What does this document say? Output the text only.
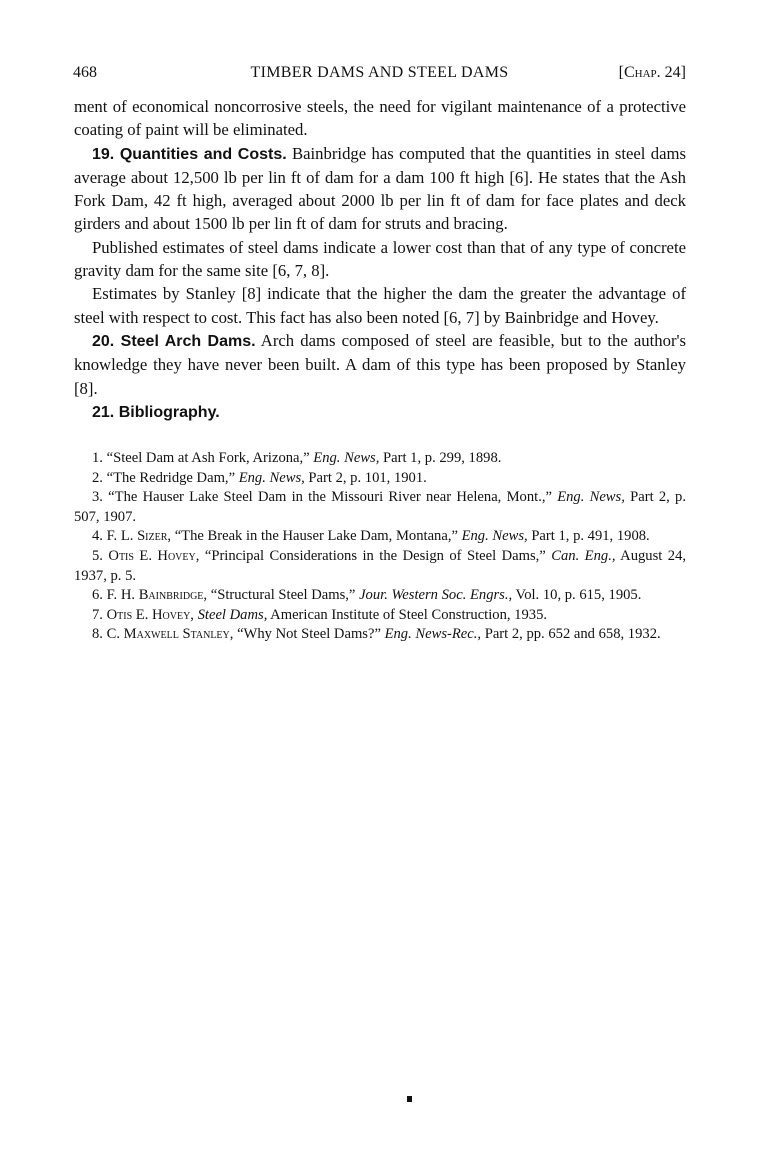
468	TIMBER DAMS AND STEEL DAMS	[Chap. 24]

ment of economical noncorrosive steels, the need for vigilant maintenance of a protective coating of paint will be eliminated.

19. Quantities and Costs. Bainbridge has computed that the quantities in steel dams average about 12,500 lb per lin ft of dam for a dam 100 ft high [6]. He states that the Ash Fork Dam, 42 ft high, averaged about 2000 lb per lin ft of dam for face plates and deck girders and about 1500 lb per lin ft of dam for struts and bracing.

Published estimates of steel dams indicate a lower cost than that of any type of concrete gravity dam for the same site [6, 7, 8].

Estimates by Stanley [8] indicate that the higher the dam the greater the advantage of steel with respect to cost. This fact has also been noted [6, 7] by Bainbridge and Hovey.

20. Steel Arch Dams. Arch dams composed of steel are feasible, but to the author's knowledge they have never been built. A dam of this type has been proposed by Stanley [8].

21. Bibliography.

1. “Steel Dam at Ash Fork, Arizona,” Eng. News, Part 1, p. 299, 1898.

2. “The Redridge Dam,” Eng. News, Part 2, p. 101, 1901.

3. “The Hauser Lake Steel Dam in the Missouri River near Helena, Mont.,” Eng. News, Part 2, p. 507, 1907.

4. F. L. Sizer, “The Break in the Hauser Lake Dam, Montana,” Eng. News, Part 1, p. 491, 1908.

5. Otis E. Hovey, “Principal Considerations in the Design of Steel Dams,” Can. Eng., August 24, 1937, p. 5.

6. F. H. Bainbridge, “Structural Steel Dams,” Jour. Western Soc. Engrs., Vol. 10, p. 615, 1905.

7. Otis E. Hovey, Steel Dams, American Institute of Steel Construction, 1935.

8. C. Maxwell Stanley, “Why Not Steel Dams?” Eng. News-Rec., Part 2, pp. 652 and 658, 1932.
